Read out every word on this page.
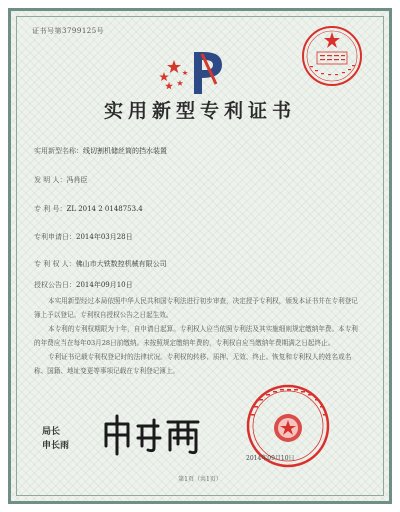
证书号第3799125号
实用新型专利证书
实用新型名称：线切割机储丝筒的挡水装置
发 明 人：冯肖臣
专 利 号：ZL 2014 2 0148753.4
专利申请日：2014年03月28日
专 利 权 人：佛山市大铁数控机械有限公司
授权公告日：2014年09月10日
本实用新型经过本局依照中华人民共和国专利法进行初步审查，决定授予专利权，颁发本证书并在专利登记簿上予以登记。专利权自授权公告之日起生效。
本专利的专利权期限为十年，自申请日起算。专利权人应当依照专利法及其实施细则规定缴纳年费。本专利的年费应当在每年03月28日前缴纳。未按照规定缴纳年费的，专利权自应当缴纳年费期满之日起终止。
专利证书记载专利权登记时的法律状况。专利权的转移、质押、无效、终止、恢复和专利权人的姓名或名称、国籍、地址变更等事项记载在专利登记簿上。
局长
申长雨
2014年09月10日
第1页（共1页）
